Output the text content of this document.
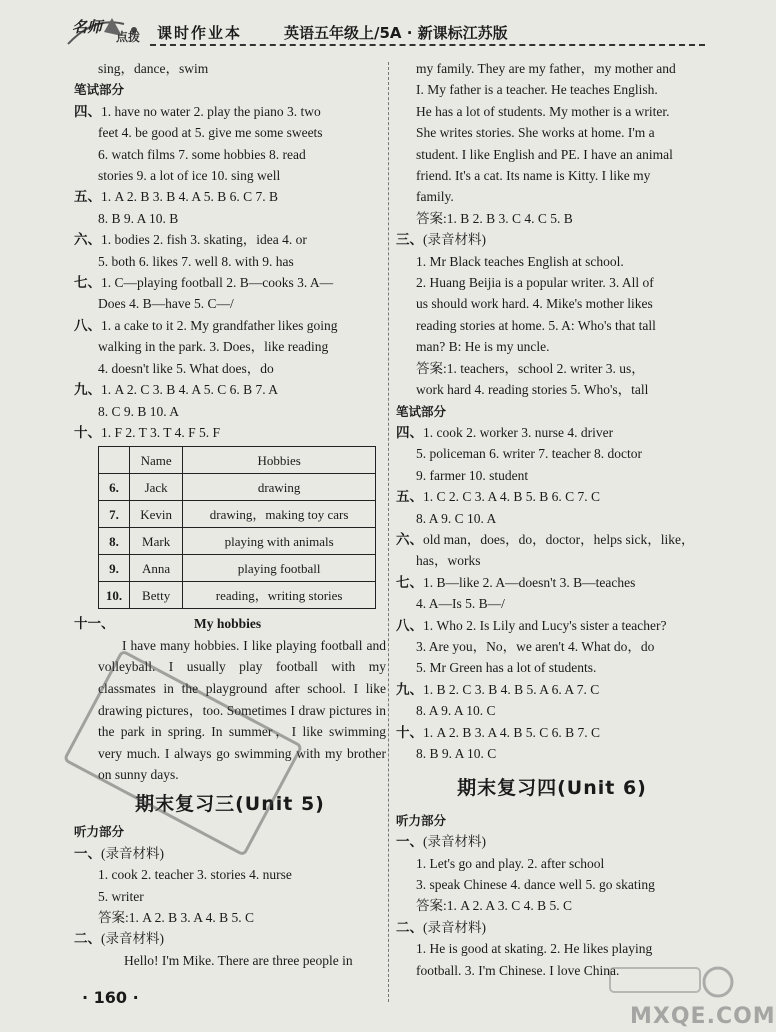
名师
点拨 课时作业本	英语五年级上/5A · 新课标江苏版
sing，dance，swim
笔试部分
四、1. have no water 2. play the piano 3. two
feet 4. be good at 5. give me some sweets
6. watch films 7. some hobbies 8. read
stories 9. a lot of ice 10. sing well
五、1. A 2. B 3. B 4. A 5. B 6. C 7. B
8. B 9. A 10. B
六、1. bodies 2. fish 3. skating，idea 4. or
5. both 6. likes 7. well 8. with 9. has
七、1. C—playing football 2. B—cooks 3. A—
Does 4. B—have 5. C—/
八、1. a cake to it 2. My grandfather likes going
walking in the park. 3. Does，like reading
4. doesn't like 5. What does，do
九、1. A 2. C 3. B 4. A 5. C 6. B 7. A
8. C 9. B 10. A
十、1. F 2. T 3. T 4. F 5. F
	Name	Hobbies
6.	Jack	drawing
7.	Kevin	drawing，making toy cars
8.	Mark	playing with animals
9.	Anna	playing football
10.	Betty	reading，writing stories
十一、	My hobbies
I have many hobbies. I like playing football and volleyball. I usually play football with my classmates in the playground after school. I like drawing pictures，too. Sometimes I draw pictures in the park in spring. In summer，I like swimming very much. I always go swimming with my brother on sunny days.
期末复习三(Unit 5)
听力部分
一、(录音材料)
1. cook 2. teacher 3. stories 4. nurse
5. writer
答案:1. A 2. B 3. A 4. B 5. C
二、(录音材料)
Hello! I'm Mike. There are three people in
my family. They are my father，my mother and
I. My father is a teacher. He teaches English.
He has a lot of students. My mother is a writer.
She writes stories. She works at home. I'm a
student. I like English and PE. I have an animal
friend. It's a cat. Its name is Kitty. I like my
family.
答案:1. B 2. B 3. C 4. C 5. B
三、(录音材料)
1. Mr Black teaches English at school.
2. Huang Beijia is a popular writer. 3. All of
us should work hard. 4. Mike's mother likes
reading stories at home. 5. A: Who's that tall
man? B: He is my uncle.
答案:1. teachers，school 2. writer 3. us，
work hard 4. reading stories 5. Who's，tall
笔试部分
四、1. cook 2. worker 3. nurse 4. driver
5. policeman 6. writer 7. teacher 8. doctor
9. farmer 10. student
五、1. C 2. C 3. A 4. B 5. B 6. C 7. C
8. A 9. C 10. A
六、old man，does，do，doctor，helps sick，like，
has，works
七、1. B—like 2. A—doesn't 3. B—teaches
4. A—Is 5. B—/
八、1. Who 2. Is Lily and Lucy's sister a teacher?
3. Are you，No，we aren't 4. What do，do
5. Mr Green has a lot of students.
九、1. B 2. C 3. B 4. B 5. A 6. A 7. C
8. A 9. A 10. C
十、1. A 2. B 3. A 4. B 5. C 6. B 7. C
8. B 9. A 10. C
期末复习四(Unit 6)
听力部分
一、(录音材料)
1. Let's go and play. 2. after school
3. speak Chinese 4. dance well 5. go skating
答案:1. A 2. A 3. C 4. B 5. C
二、(录音材料)
1. He is good at skating. 2. He likes playing
football. 3. I'm Chinese. I love China.
· 160 ·
MXQE.COM
